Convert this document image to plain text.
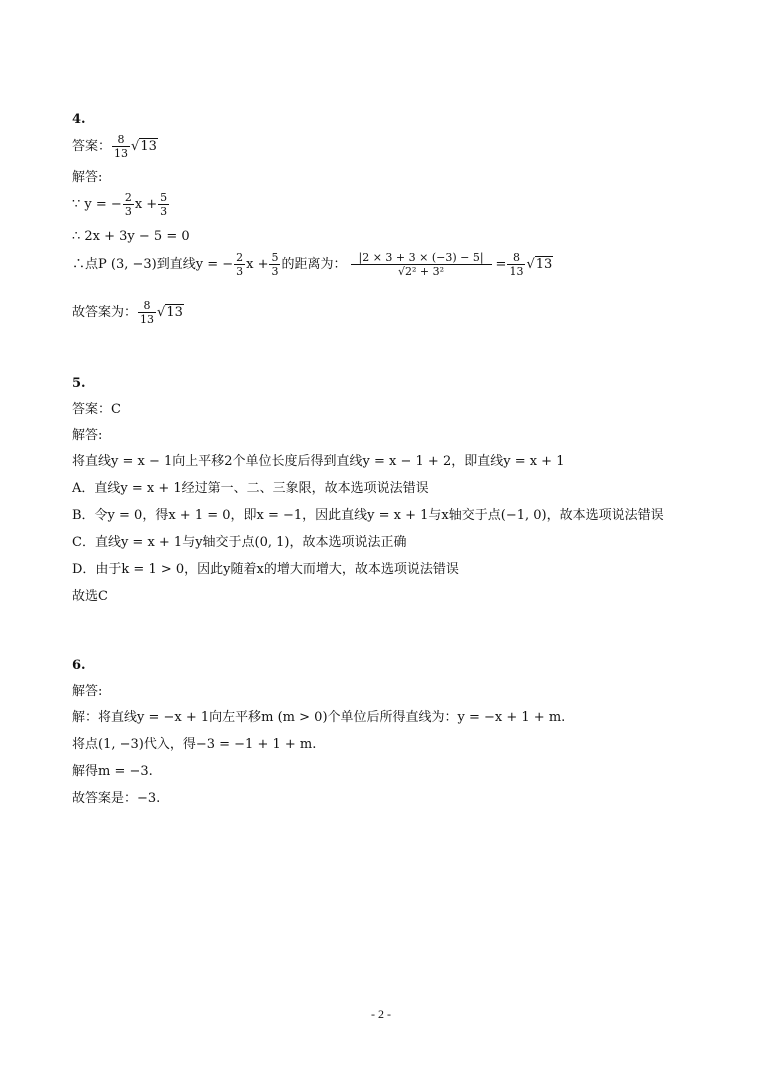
4.
答案： $\frac{8}{13} √13$
解答:
∵ y = − $\frac{2}{3}$ $x + \frac{5}{3}$
∴ 2x + 3y − 5 = 0
∴点P (3, −3)到直线y = − $\frac{2}{3}$ $x + \frac{5}{3}$ 的距离为： $\frac{|2 \times 3 + 3 \times (-3) - 5|}{\text{√2² + 3²}} = \frac{8}{13} √13$
故答案为： $\frac{8}{13} √13$
5.
答案：C
解答:
将直线y = x − 1向上平移2个单位长度后得到直线y = x − 1 + 2，即直线y = x + 1
A．直线y = x + 1经过第一、二、三象限，故本选项说法错误
B．令y = 0，得x + 1 = 0，即x = −1，因此直线y = x + 1与x轴交于点(−1, 0)，故本选项说法错误
C．直线y = x + 1与y轴交于点(0, 1)，故本选项说法正确
D．由于k = 1 > 0，因此y随着x的增大而增大，故本选项说法错误
故选C
6.
解答:
解：将直线y = −x + 1向左平移m (m > 0)个单位后所得直线为：y = −x + 1 + m.
将点(1, −3)代入，得−3 = −1 + 1 + m.
解得m = −3.
故答案是：−3.
- 2 -
